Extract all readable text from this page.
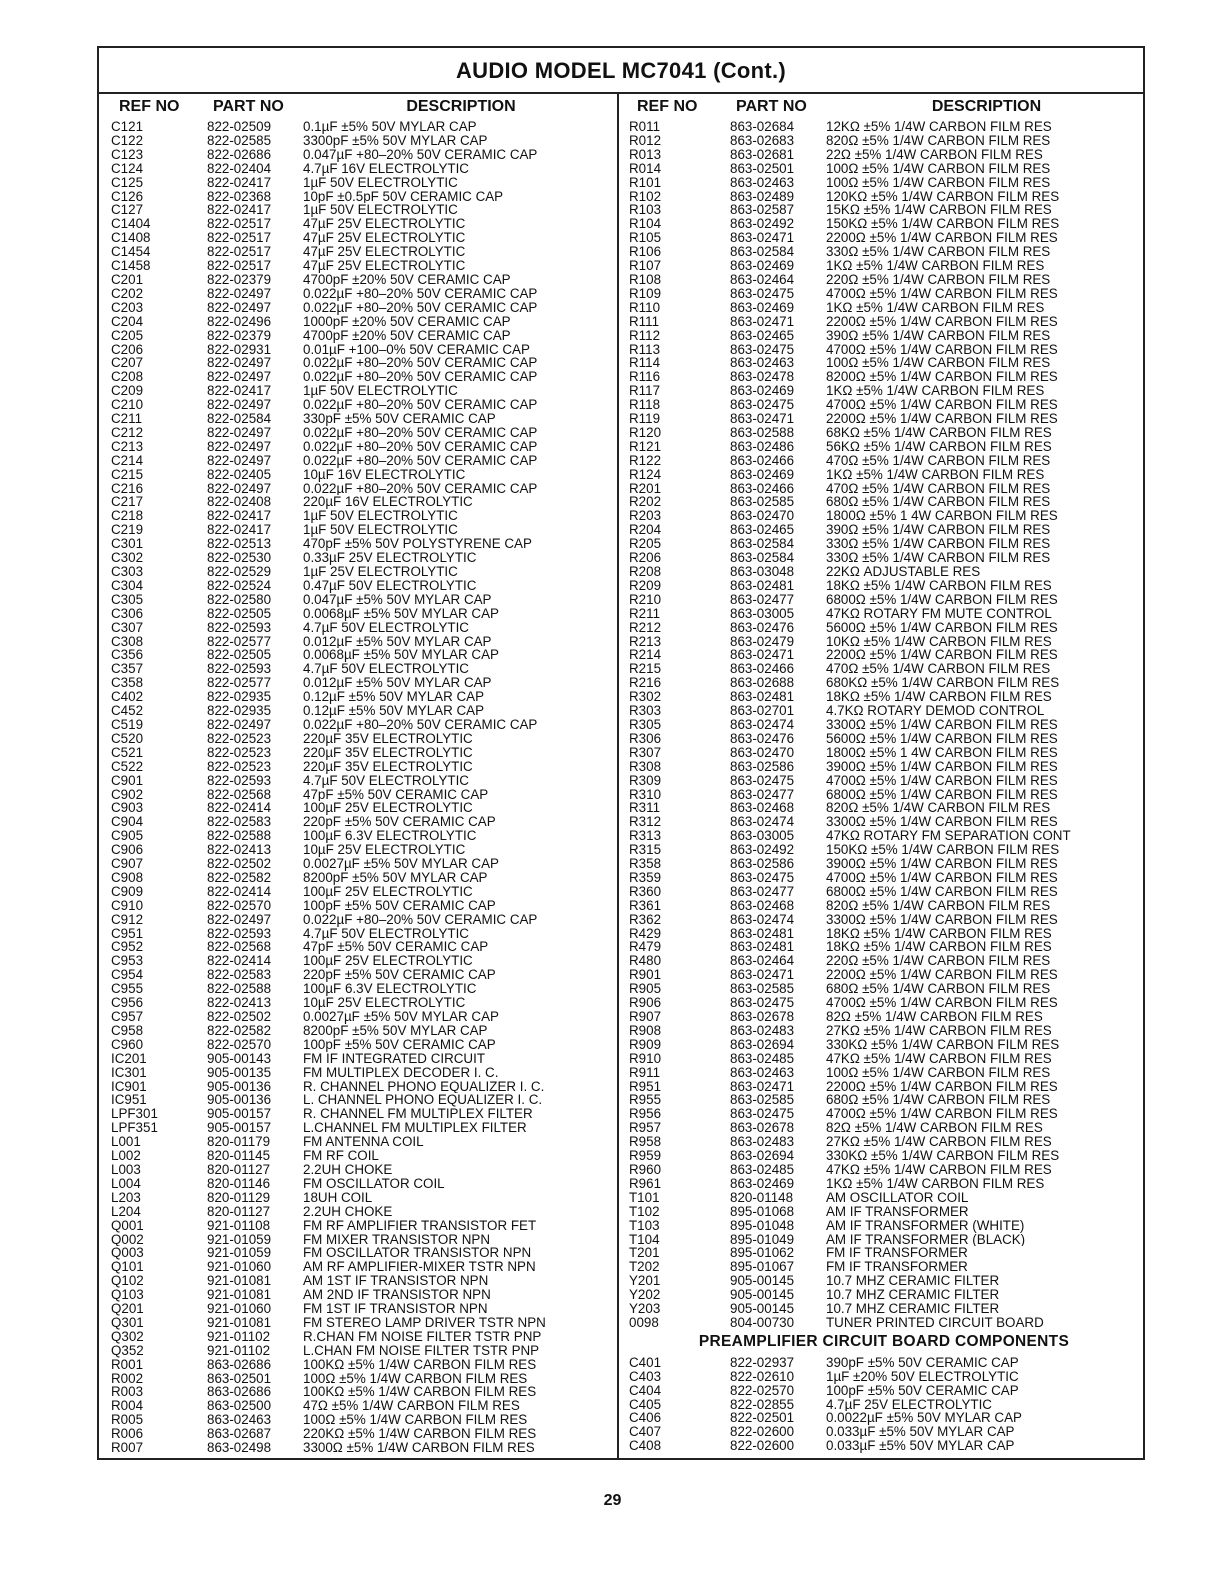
AUDIO MODEL MC7041 (Cont.)
REF NO	PART NO	DESCRIPTION
C121	822-02509	0.1µF ±5% 50V MYLAR CAP
C122	822-02585	3300pF ±5% 50V MYLAR CAP
C123	822-02686	0.047µF +80–20% 50V CERAMIC CAP
C124	822-02404	4.7µF 16V ELECTROLYTIC
C125	822-02417	1µF 50V ELECTROLYTIC
C126	822-02368	10pF ±0.5pF 50V CERAMIC CAP
C127	822-02417	1µF 50V ELECTROLYTIC
C1404	822-02517	47µF 25V ELECTROLYTIC
C1408	822-02517	47µF 25V ELECTROLYTIC
C1454	822-02517	47µF 25V ELECTROLYTIC
C1458	822-02517	47µF 25V ELECTROLYTIC
C201	822-02379	4700pF ±20% 50V CERAMIC CAP
C202	822-02497	0.022µF +80–20% 50V CERAMIC CAP
C203	822-02497	0.022µF +80–20% 50V CERAMIC CAP
C204	822-02496	1000pF ±20% 50V CERAMIC CAP
C205	822-02379	4700pF ±20% 50V CERAMIC CAP
C206	822-02931	0.01µF +100–0% 50V CERAMIC CAP
C207	822-02497	0.022µF +80–20% 50V CERAMIC CAP
C208	822-02497	0.022µF +80–20% 50V CERAMIC CAP
C209	822-02417	1µF 50V ELECTROLYTIC
C210	822-02497	0.022µF +80–20% 50V CERAMIC CAP
C211	822-02584	330pF ±5% 50V CERAMIC CAP
C212	822-02497	0.022µF +80–20% 50V CERAMIC CAP
C213	822-02497	0.022µF +80–20% 50V CERAMIC CAP
C214	822-02497	0.022µF +80–20% 50V CERAMIC CAP
C215	822-02405	10µF 16V ELECTROLYTIC
C216	822-02497	0.022µF +80–20% 50V CERAMIC CAP
C217	822-02408	220µF 16V ELECTROLYTIC
C218	822-02417	1µF 50V ELECTROLYTIC
C219	822-02417	1µF 50V ELECTROLYTIC
C301	822-02513	470pF ±5% 50V POLYSTYRENE CAP
C302	822-02530	0.33µF 25V ELECTROLYTIC
C303	822-02529	1µF 25V ELECTROLYTIC
C304	822-02524	0.47µF 50V ELECTROLYTIC
C305	822-02580	0.047µF ±5% 50V MYLAR CAP
C306	822-02505	0.0068µF ±5% 50V MYLAR CAP
C307	822-02593	4.7µF 50V ELECTROLYTIC
C308	822-02577	0.012µF ±5% 50V MYLAR CAP
C356	822-02505	0.0068µF ±5% 50V MYLAR CAP
C357	822-02593	4.7µF 50V ELECTROLYTIC
C358	822-02577	0.012µF ±5% 50V MYLAR CAP
C402	822-02935	0.12µF ±5% 50V MYLAR CAP
C452	822-02935	0.12µF ±5% 50V MYLAR CAP
C519	822-02497	0.022µF +80–20% 50V CERAMIC CAP
C520	822-02523	220µF 35V ELECTROLYTIC
C521	822-02523	220µF 35V ELECTROLYTIC
C522	822-02523	220µF 35V ELECTROLYTIC
C901	822-02593	4.7µF 50V ELECTROLYTIC
C902	822-02568	47pF ±5% 50V CERAMIC CAP
C903	822-02414	100µF 25V ELECTROLYTIC
C904	822-02583	220pF ±5% 50V CERAMIC CAP
C905	822-02588	100µF 6.3V ELECTROLYTIC
C906	822-02413	10µF 25V ELECTROLYTIC
C907	822-02502	0.0027µF ±5% 50V MYLAR CAP
C908	822-02582	8200pF ±5% 50V MYLAR CAP
C909	822-02414	100µF 25V ELECTROLYTIC
C910	822-02570	100pF ±5% 50V CERAMIC CAP
C912	822-02497	0.022µF +80–20% 50V CERAMIC CAP
C951	822-02593	4.7µF 50V ELECTROLYTIC
C952	822-02568	47pF ±5% 50V CERAMIC CAP
C953	822-02414	100µF 25V ELECTROLYTIC
C954	822-02583	220pF ±5% 50V CERAMIC CAP
C955	822-02588	100µF 6.3V ELECTROLYTIC
C956	822-02413	10µF 25V ELECTROLYTIC
C957	822-02502	0.0027µF ±5% 50V MYLAR CAP
C958	822-02582	8200pF ±5% 50V MYLAR CAP
C960	822-02570	100pF ±5% 50V CERAMIC CAP
IC201	905-00143	FM IF INTEGRATED CIRCUIT
IC301	905-00135	FM MULTIPLEX DECODER I. C.
IC901	905-00136	R. CHANNEL PHONO EQUALIZER I. C.
IC951	905-00136	L. CHANNEL PHONO EQUALIZER I. C.
LPF301	905-00157	R. CHANNEL FM MULTIPLEX FILTER
LPF351	905-00157	L.CHANNEL FM MULTIPLEX FILTER
L001	820-01179	FM ANTENNA COIL
L002	820-01145	FM RF COIL
L003	820-01127	2.2UH CHOKE
L004	820-01146	FM OSCILLATOR COIL
L203	820-01129	18UH COIL
L204	820-01127	2.2UH CHOKE
Q001	921-01108	FM RF AMPLIFIER TRANSISTOR FET
Q002	921-01059	FM MIXER TRANSISTOR NPN
Q003	921-01059	FM OSCILLATOR TRANSISTOR NPN
Q101	921-01060	AM RF AMPLIFIER-MIXER TSTR NPN
Q102	921-01081	AM 1ST IF TRANSISTOR NPN
Q103	921-01081	AM 2ND IF TRANSISTOR NPN
Q201	921-01060	FM 1ST IF TRANSISTOR NPN
Q301	921-01081	FM STEREO LAMP DRIVER TSTR NPN
Q302	921-01102	R.CHAN FM NOISE FILTER TSTR PNP
Q352	921-01102	L.CHAN FM NOISE FILTER TSTR PNP
R001	863-02686	100KΩ ±5% 1/4W CARBON FILM RES
R002	863-02501	100Ω ±5% 1/4W CARBON FILM RES
R003	863-02686	100KΩ ±5% 1/4W CARBON FILM RES
R004	863-02500	47Ω ±5% 1/4W CARBON FILM RES
R005	863-02463	100Ω ±5% 1/4W CARBON FILM RES
R006	863-02687	220KΩ ±5% 1/4W CARBON FILM RES
R007	863-02498	3300Ω ±5% 1/4W CARBON FILM RES
REF NO	PART NO	DESCRIPTION
R011	863-02684	12KΩ ±5% 1/4W CARBON FILM RES
R012	863-02683	820Ω ±5% 1/4W CARBON FILM RES
R013	863-02681	22Ω ±5% 1/4W CARBON FILM RES
R014	863-02501	100Ω ±5% 1/4W CARBON FILM RES
R101	863-02463	100Ω ±5% 1/4W CARBON FILM RES
R102	863-02489	120KΩ ±5% 1/4W CARBON FILM RES
R103	863-02587	15KΩ ±5% 1/4W CARBON FILM RES
R104	863-02492	150KΩ ±5% 1/4W CARBON FILM RES
R105	863-02471	2200Ω ±5% 1/4W CARBON FILM RES
R106	863-02584	330Ω ±5% 1/4W CARBON FILM RES
R107	863-02469	1KΩ ±5% 1/4W CARBON FILM RES
R108	863-02464	220Ω ±5% 1/4W CARBON FILM RES
R109	863-02475	4700Ω ±5% 1/4W CARBON FILM RES
R110	863-02469	1KΩ ±5% 1/4W CARBON FILM RES
R111	863-02471	2200Ω ±5% 1/4W CARBON FILM RES
R112	863-02465	390Ω ±5% 1/4W CARBON FILM RES
R113	863-02475	4700Ω ±5% 1/4W CARBON FILM RES
R114	863-02463	100Ω ±5% 1/4W CARBON FILM RES
R116	863-02478	8200Ω ±5% 1/4W CARBON FILM RES
R117	863-02469	1KΩ ±5% 1/4W CARBON FILM RES
R118	863-02475	4700Ω ±5% 1/4W CARBON FILM RES
R119	863-02471	2200Ω ±5% 1/4W CARBON FILM RES
R120	863-02588	68KΩ ±5% 1/4W CARBON FILM RES
R121	863-02486	56KΩ ±5% 1/4W CARBON FILM RES
R122	863-02466	470Ω ±5% 1/4W CARBON FILM RES
R124	863-02469	1KΩ ±5% 1/4W CARBON FILM RES
R201	863-02466	470Ω ±5% 1/4W CARBON FILM RES
R202	863-02585	680Ω ±5% 1/4W CARBON FILM RES
R203	863-02470	1800Ω ±5% 1 4W CARBON FILM RES
R204	863-02465	390Ω ±5% 1/4W CARBON FILM RES
R205	863-02584	330Ω ±5% 1/4W CARBON FILM RES
R206	863-02584	330Ω ±5% 1/4W CARBON FILM RES
R208	863-03048	22KΩ ADJUSTABLE RES
R209	863-02481	18KΩ ±5% 1/4W CARBON FILM RES
R210	863-02477	6800Ω ±5% 1/4W CARBON FILM RES
R211	863-03005	47KΩ ROTARY FM MUTE CONTROL
R212	863-02476	5600Ω ±5% 1/4W CARBON FILM RES
R213	863-02479	10KΩ ±5% 1/4W CARBON FILM RES
R214	863-02471	2200Ω ±5% 1/4W CARBON FILM RES
R215	863-02466	470Ω ±5% 1/4W CARBON FILM RES
R216	863-02688	680KΩ ±5% 1/4W CARBON FILM RES
R302	863-02481	18KΩ ±5% 1/4W CARBON FILM RES
R303	863-02701	4.7KΩ ROTARY DEMOD CONTROL
R305	863-02474	3300Ω ±5% 1/4W CARBON FILM RES
R306	863-02476	5600Ω ±5% 1/4W CARBON FILM RES
R307	863-02470	1800Ω ±5% 1 4W CARBON FILM RES
R308	863-02586	3900Ω ±5% 1/4W CARBON FILM RES
R309	863-02475	4700Ω ±5% 1/4W CARBON FILM RES
R310	863-02477	6800Ω ±5% 1/4W CARBON FILM RES
R311	863-02468	820Ω ±5% 1/4W CARBON FILM RES
R312	863-02474	3300Ω ±5% 1/4W CARBON FILM RES
R313	863-03005	47KΩ ROTARY FM SEPARATION CONT
R315	863-02492	150KΩ ±5% 1/4W CARBON FILM RES
R358	863-02586	3900Ω ±5% 1/4W CARBON FILM RES
R359	863-02475	4700Ω ±5% 1/4W CARBON FILM RES
R360	863-02477	6800Ω ±5% 1/4W CARBON FILM RES
R361	863-02468	820Ω ±5% 1/4W CARBON FILM RES
R362	863-02474	3300Ω ±5% 1/4W CARBON FILM RES
R429	863-02481	18KΩ ±5% 1/4W CARBON FILM RES
R479	863-02481	18KΩ ±5% 1/4W CARBON FILM RES
R480	863-02464	220Ω ±5% 1/4W CARBON FILM RES
R901	863-02471	2200Ω ±5% 1/4W CARBON FILM RES
R905	863-02585	680Ω ±5% 1/4W CARBON FILM RES
R906	863-02475	4700Ω ±5% 1/4W CARBON FILM RES
R907	863-02678	82Ω ±5% 1/4W CARBON FILM RES
R908	863-02483	27KΩ ±5% 1/4W CARBON FILM RES
R909	863-02694	330KΩ ±5% 1/4W CARBON FILM RES
R910	863-02485	47KΩ ±5% 1/4W CARBON FILM RES
R911	863-02463	100Ω ±5% 1/4W CARBON FILM RES
R951	863-02471	2200Ω ±5% 1/4W CARBON FILM RES
R955	863-02585	680Ω ±5% 1/4W CARBON FILM RES
R956	863-02475	4700Ω ±5% 1/4W CARBON FILM RES
R957	863-02678	82Ω ±5% 1/4W CARBON FILM RES
R958	863-02483	27KΩ ±5% 1/4W CARBON FILM RES
R959	863-02694	330KΩ ±5% 1/4W CARBON FILM RES
R960	863-02485	47KΩ ±5% 1/4W CARBON FILM RES
R961	863-02469	1KΩ ±5% 1/4W CARBON FILM RES
T101	820-01148	AM OSCILLATOR COIL
T102	895-01068	AM IF TRANSFORMER
T103	895-01048	AM IF TRANSFORMER (WHITE)
T104	895-01049	AM IF TRANSFORMER (BLACK)
T201	895-01062	FM IF TRANSFORMER
T202	895-01067	FM IF TRANSFORMER
Y201	905-00145	10.7 MHZ CERAMIC FILTER
Y202	905-00145	10.7 MHZ CERAMIC FILTER
Y203	905-00145	10.7 MHZ CERAMIC FILTER
0098	804-00730	TUNER PRINTED CIRCUIT BOARD
PREAMPLIFIER CIRCUIT BOARD COMPONENTS
C401	822-02937	390pF ±5% 50V CERAMIC CAP
C403	822-02610	1µF ±20% 50V ELECTROLYTIC
C404	822-02570	100pF ±5% 50V CERAMIC CAP
C405	822-02855	4.7µF 25V ELECTROLYTIC
C406	822-02501	0.0022µF ±5% 50V MYLAR CAP
C407	822-02600	0.033µF ±5% 50V MYLAR CAP
C408	822-02600	0.033µF ±5% 50V MYLAR CAP
29
